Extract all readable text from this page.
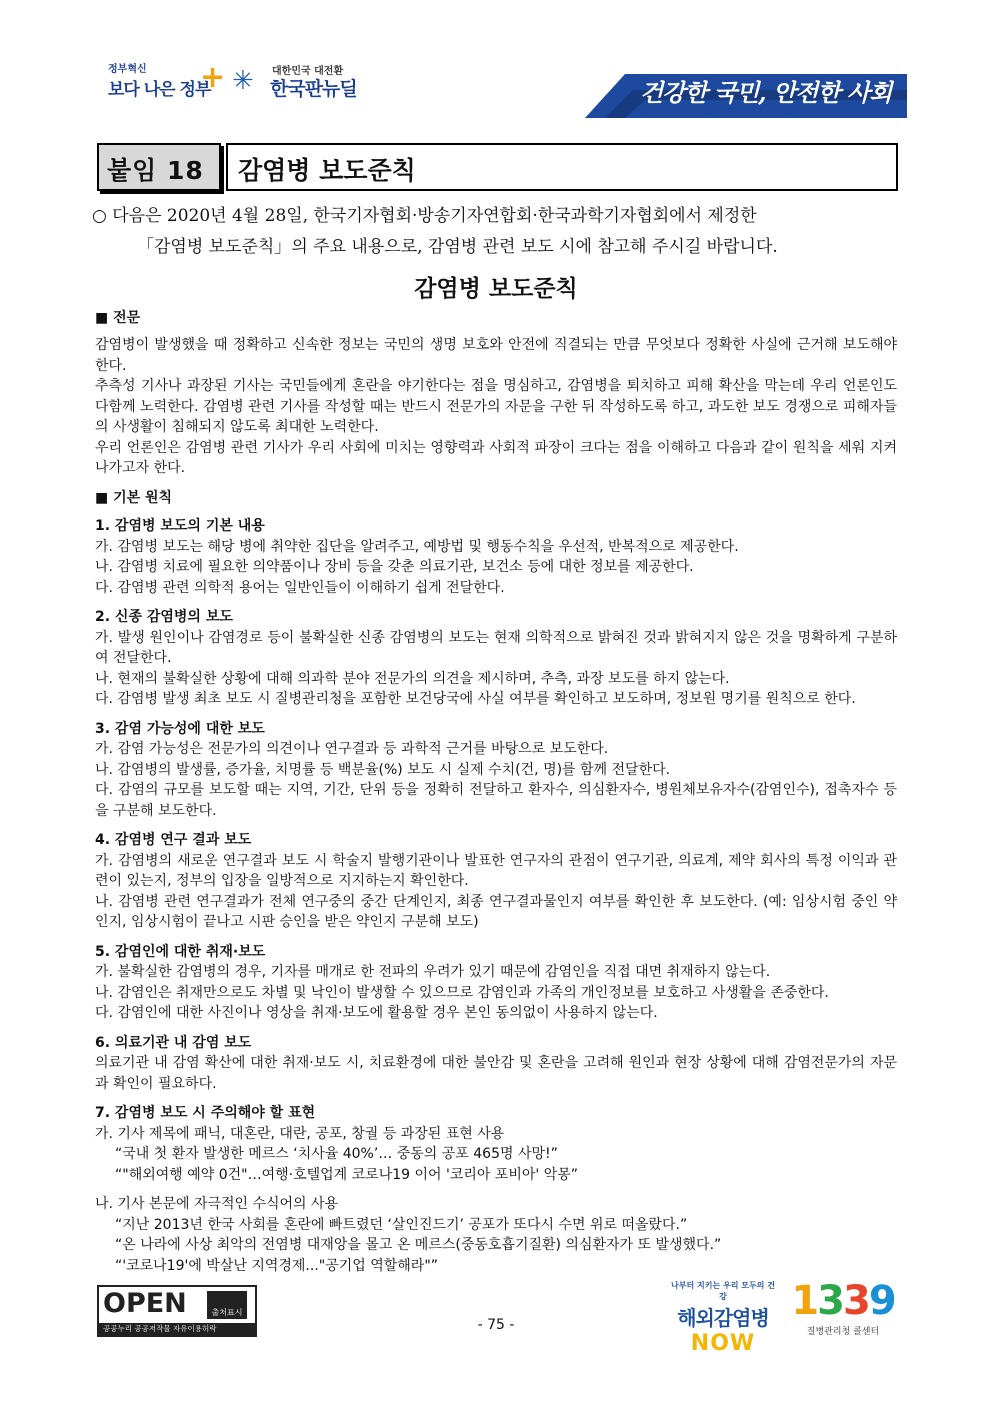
정부혁신
보다 나은 정부
+ ✳ 대한민국 대전환
한국판뉴딜	건강한 국민, 안전한 사회
붙임 18 감염병 보도준칙
○ 다음은 2020년 4월 28일, 한국기자협회·방송기자연합회·한국과학기자협회에서 제정한
「감염병 보도준칙」의 주요 내용으로, 감염병 관련 보도 시에 참고해 주시길 바랍니다.
감염병 보도준칙
■ 전문

감염병이 발생했을 때 정확하고 신속한 정보는 국민의 생명 보호와 안전에 직결되는 만큼 무엇보다 정확한 사실에 근거해 보도해야 한다.

추측성 기사나 과장된 기사는 국민들에게 혼란을 야기한다는 점을 명심하고, 감염병을 퇴치하고 피해 확산을 막는데 우리 언론인도 다함께 노력한다. 감염병 관련 기사를 작성할 때는 반드시 전문가의 자문을 구한 뒤 작성하도록 하고, 과도한 보도 경쟁으로 피해자들의 사생활이 침해되지 않도록 최대한 노력한다.

우리 언론인은 감염병 관련 기사가 우리 사회에 미치는 영향력과 사회적 파장이 크다는 점을 이해하고 다음과 같이 원칙을 세워 지켜나가고자 한다.

■ 기본 원칙

1. 감염병 보도의 기본 내용

가. 감염병 보도는 해당 병에 취약한 집단을 알려주고, 예방법 및 행동수칙을 우선적, 반복적으로 제공한다.

나. 감염병 치료에 필요한 의약품이나 장비 등을 갖춘 의료기관, 보건소 등에 대한 정보를 제공한다.

다. 감염병 관련 의학적 용어는 일반인들이 이해하기 쉽게 전달한다.

2. 신종 감염병의 보도

가. 발생 원인이나 감염경로 등이 불확실한 신종 감염병의 보도는 현재 의학적으로 밝혀진 것과 밝혀지지 않은 것을 명확하게 구분하여 전달한다.

나. 현재의 불확실한 상황에 대해 의과학 분야 전문가의 의견을 제시하며, 추측, 과장 보도를 하지 않는다.

다. 감염병 발생 최초 보도 시 질병관리청을 포함한 보건당국에 사실 여부를 확인하고 보도하며, 정보원 명기를 원칙으로 한다.

3. 감염 가능성에 대한 보도

가. 감염 가능성은 전문가의 의견이나 연구결과 등 과학적 근거를 바탕으로 보도한다.

나. 감염병의 발생률, 증가율, 치명률 등 백분율(%) 보도 시 실제 수치(건, 명)를 함께 전달한다.

다. 감염의 규모를 보도할 때는 지역, 기간, 단위 등을 정확히 전달하고 환자수, 의심환자수, 병원체보유자수(감염인수), 접촉자수 등을 구분해 보도한다.

4. 감염병 연구 결과 보도

가. 감염병의 새로운 연구결과 보도 시 학술지 발행기관이나 발표한 연구자의 관점이 연구기관, 의료계, 제약 회사의 특정 이익과 관련이 있는지, 정부의 입장을 일방적으로 지지하는지 확인한다.

나. 감염병 관련 연구결과가 전체 연구중의 중간 단계인지, 최종 연구결과물인지 여부를 확인한 후 보도한다. (예: 임상시험 중인 약인지, 임상시험이 끝나고 시판 승인을 받은 약인지 구분해 보도)

5. 감염인에 대한 취재·보도

가. 불확실한 감염병의 경우, 기자를 매개로 한 전파의 우려가 있기 때문에 감염인을 직접 대면 취재하지 않는다.

나. 감염인은 취재만으로도 차별 및 낙인이 발생할 수 있으므로 감염인과 가족의 개인정보를 보호하고 사생활을 존중한다.

다. 감염인에 대한 사진이나 영상을 취재·보도에 활용할 경우 본인 동의없이 사용하지 않는다.

6. 의료기관 내 감염 보도

의료기관 내 감염 확산에 대한 취재·보도 시, 치료환경에 대한 불안감 및 혼란을 고려해 원인과 현장 상황에 대해 감염전문가의 자문과 확인이 필요하다.

7. 감염병 보도 시 주의해야 할 표현

가. 기사 제목에 패닉, 대혼란, 대란, 공포, 창궐 등 과장된 표현 사용

“국내 첫 환자 발생한 메르스 ‘치사율 40%’… 중동의 공포 465명 사망!”

“"해외여행 예약 0건"…여행·호텔업계 코로나19 이어 '코리아 포비아' 악몽”

나. 기사 본문에 자극적인 수식어의 사용

“지난 2013년 한국 사회를 혼란에 빠트렸던 ‘살인진드기’ 공포가 또다시 수면 위로 떠올랐다.”

“온 나라에 사상 최악의 전염병 대재앙을 몰고 온 메르스(중동호흡기질환) 의심환자가 또 발생했다.”

“'코로나19'에 박살난 지역경제..."공기업 역할해라"”

OPEN	출처표시
공공누리 공공저작물 자유이용허락	- 75 -
나부터 지키는 우리 모두의 건강
해외감염병
NOW
1339
질병관리청 콜센터
